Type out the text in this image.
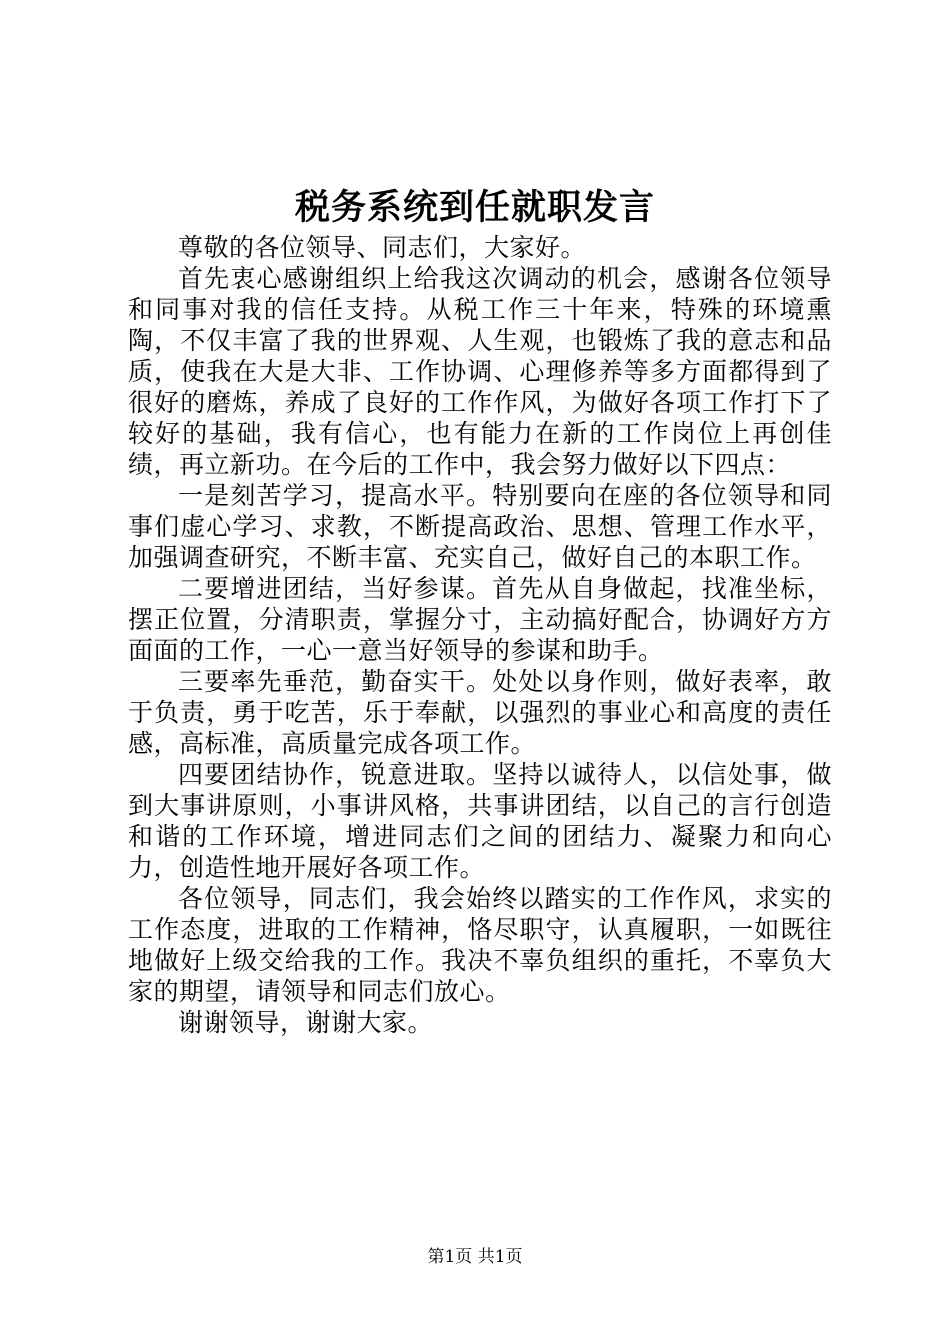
税务系统到任就职发言

尊敬的各位领导、同志们，大家好。

首先衷心感谢组织上给我这次调动的机会，感谢各位领导和同事对我的信任支持。从税工作三十年来，特殊的环境熏陶，不仅丰富了我的世界观、人生观，也锻炼了我的意志和品质，使我在大是大非、工作协调、心理修养等多方面都得到了很好的磨炼，养成了良好的工作作风，为做好各项工作打下了较好的基础，我有信心，也有能力在新的工作岗位上再创佳绩，再立新功。在今后的工作中，我会努力做好以下四点：

一是刻苦学习，提高水平。特别要向在座的各位领导和同事们虚心学习、求教，不断提高政治、思想、管理工作水平，加强调查研究，不断丰富、充实自己，做好自己的本职工作。

二要增进团结，当好参谋。首先从自身做起，找准坐标，摆正位置，分清职责，掌握分寸，主动搞好配合，协调好方方面面的工作，一心一意当好领导的参谋和助手。

三要率先垂范，勤奋实干。处处以身作则，做好表率，敢于负责，勇于吃苦，乐于奉献，以强烈的事业心和高度的责任感，高标准，高质量完成各项工作。

四要团结协作，锐意进取。坚持以诚待人，以信处事，做到大事讲原则，小事讲风格，共事讲团结，以自己的言行创造和谐的工作环境，增进同志们之间的团结力、凝聚力和向心力，创造性地开展好各项工作。

各位领导，同志们，我会始终以踏实的工作作风，求实的工作态度，进取的工作精神，恪尽职守，认真履职，一如既往地做好上级交给我的工作。我决不辜负组织的重托，不辜负大家的期望，请领导和同志们放心。

谢谢领导，谢谢大家。

第1页 共1页
